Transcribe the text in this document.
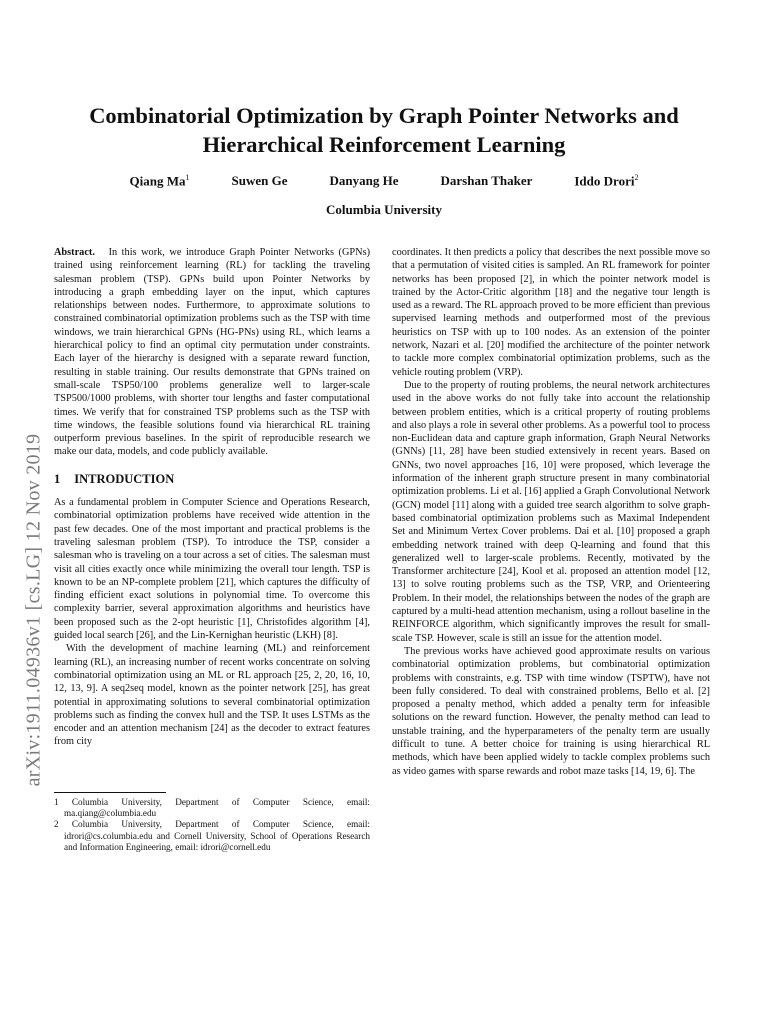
Combinatorial Optimization by Graph Pointer Networks and Hierarchical Reinforcement Learning
Qiang Ma$^1$	Suwen Ge	Danyang He	Darshan Thaker	Iddo Drori$^2$
Columbia University
arXiv:1911.04936v1 [cs.LG] 12 Nov 2019

Abstract. In this work, we introduce Graph Pointer Networks (GPNs) trained using reinforcement learning (RL) for tackling the traveling salesman problem (TSP). GPNs build upon Pointer Networks by introducing a graph embedding layer on the input, which captures relationships between nodes. Furthermore, to approximate solutions to constrained combinatorial optimization problems such as the TSP with time windows, we train hierarchical GPNs (HG-PNs) using RL, which learns a hierarchical policy to find an optimal city permutation under constraints. Each layer of the hierarchy is designed with a separate reward function, resulting in stable training. Our results demonstrate that GPNs trained on small-scale TSP50/100 problems generalize well to larger-scale TSP500/1000 problems, with shorter tour lengths and faster computational times. We verify that for constrained TSP problems such as the TSP with time windows, the feasible solutions found via hierarchical RL training outperform previous baselines. In the spirit of reproducible research we make our data, models, and code publicly available.

1 INTRODUCTION

As a fundamental problem in Computer Science and Operations Research, combinatorial optimization problems have received wide attention in the past few decades. One of the most important and practical problems is the traveling salesman problem (TSP). To introduce the TSP, consider a salesman who is traveling on a tour across a set of cities. The salesman must visit all cities exactly once while minimizing the overall tour length. TSP is known to be an NP-complete problem [21], which captures the difficulty of finding efficient exact solutions in polynomial time. To overcome this complexity barrier, several approximation algorithms and heuristics have been proposed such as the 2-opt heuristic [1], Christofides algorithm [4], guided local search [26], and the Lin-Kernighan heuristic (LKH) [8].

With the development of machine learning (ML) and reinforcement learning (RL), an increasing number of recent works concentrate on solving combinatorial optimization using an ML or RL approach [25, 2, 20, 16, 10, 12, 13, 9]. A seq2seq model, known as the pointer network [25], has great potential in approximating solutions to several combinatorial optimization problems such as finding the convex hull and the TSP. It uses LSTMs as the encoder and an attention mechanism [24] as the decoder to extract features from city

1 Columbia University, Department of Computer Science, email: ma.qiang@columbia.edu
2 Columbia University, Department of Computer Science, email: idrori@cs.columbia.edu and Cornell University, School of Operations Research and Information Engineering, email: idrori@cornell.edu

coordinates. It then predicts a policy that describes the next possible move so that a permutation of visited cities is sampled. An RL framework for pointer networks has been proposed [2], in which the pointer network model is trained by the Actor-Critic algorithm [18] and the negative tour length is used as a reward. The RL approach proved to be more efficient than previous supervised learning methods and outperformed most of the previous heuristics on TSP with up to 100 nodes. As an extension of the pointer network, Nazari et al. [20] modified the architecture of the pointer network to tackle more complex combinatorial optimization problems, such as the vehicle routing problem (VRP).

Due to the property of routing problems, the neural network architectures used in the above works do not fully take into account the relationship between problem entities, which is a critical property of routing problems and also plays a role in several other problems. As a powerful tool to process non-Euclidean data and capture graph information, Graph Neural Networks (GNNs) [11, 28] have been studied extensively in recent years. Based on GNNs, two novel approaches [16, 10] were proposed, which leverage the information of the inherent graph structure present in many combinatorial optimization problems. Li et al. [16] applied a Graph Convolutional Network (GCN) model [11] along with a guided tree search algorithm to solve graph-based combinatorial optimization problems such as Maximal Independent Set and Minimum Vertex Cover problems. Dai et al. [10] proposed a graph embedding network trained with deep Q-learning and found that this generalized well to larger-scale problems. Recently, motivated by the Transformer architecture [24], Kool et al. proposed an attention model [12, 13] to solve routing problems such as the TSP, VRP, and Orienteering Problem. In their model, the relationships between the nodes of the graph are captured by a multi-head attention mechanism, using a rollout baseline in the REINFORCE algorithm, which significantly improves the result for small-scale TSP. However, scale is still an issue for the attention model.

The previous works have achieved good approximate results on various combinatorial optimization problems, but combinatorial optimization problems with constraints, e.g. TSP with time window (TSPTW), have not been fully considered. To deal with constrained problems, Bello et al. [2] proposed a penalty method, which added a penalty term for infeasible solutions on the reward function. However, the penalty method can lead to unstable training, and the hyperparameters of the penalty term are usually difficult to tune. A better choice for training is using hierarchical RL methods, which have been applied widely to tackle complex problems such as video games with sparse rewards and robot maze tasks [14, 19, 6]. The
